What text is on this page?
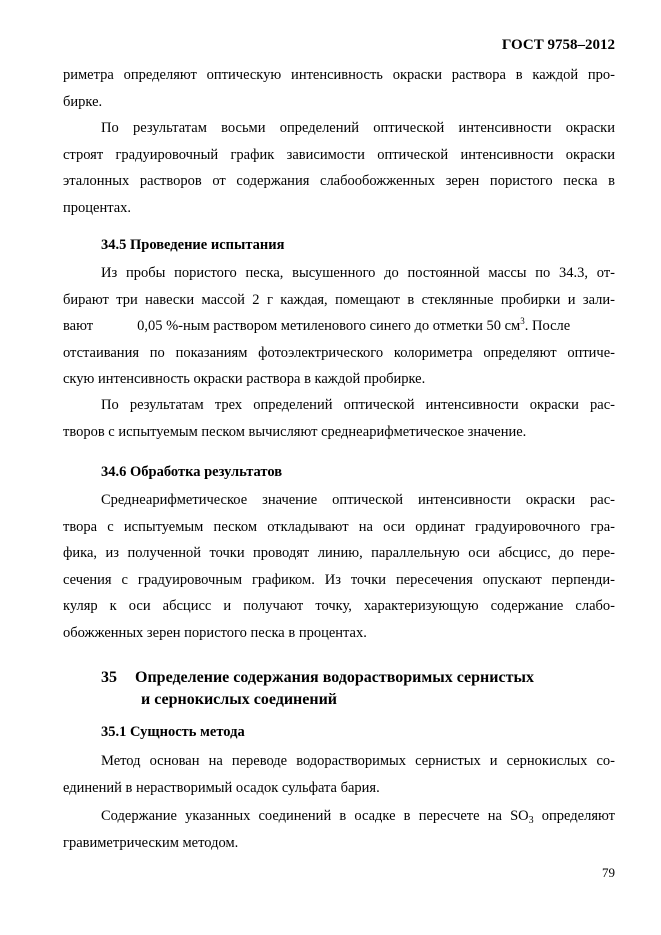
ГОСТ 9758–2012
риметра определяют оптическую интенсивность окраски раствора в каждой про-
бирке.
По результатам восьми определений оптической интенсивности окраски
строят градуировочный график зависимости оптической интенсивности окраски
эталонных растворов от содержания слабообожженных зерен пористого песка в
процентах.
34.5 Проведение испытания
Из пробы пористого песка, высушенного до постоянной массы по 34.3, от-
бирают три навески массой 2 г каждая, помещают в стеклянные пробирки и зали-
вают	0,05 %-ным раствором метиленового синего до отметки 50 $см^3$. После
отстаивания по показаниям фотоэлектрического колориметра определяют оптиче-
скую интенсивность окраски раствора в каждой пробирке.
По результатам трех определений оптической интенсивности окраски рас-
творов с испытуемым песком вычисляют среднеарифметическое значение.
34.6 Обработка результатов
Среднеарифметическое значение оптической интенсивности окраски рас-
твора с испытуемым песком откладывают на оси ординат градуировочного гра-
фика, из полученной точки проводят линию, параллельную оси абсцисс, до пере-
сечения с градуировочным графиком. Из точки пересечения опускают перпенди-
куляр к оси абсцисс и получают точку, характеризующую содержание слабо-
обожженных зерен пористого песка в процентах.
35 Определение содержания водорастворимых сернистых
и сернокислых соединений
35.1 Сущность метода
Метод основан на переводе водорастворимых сернистых и сернокислых со-
единений в нерастворимый осадок сульфата бария.
Содержание указанных соединений в осадке в пересчете на $SO_3$ определяют
гравиметрическим методом.
79
